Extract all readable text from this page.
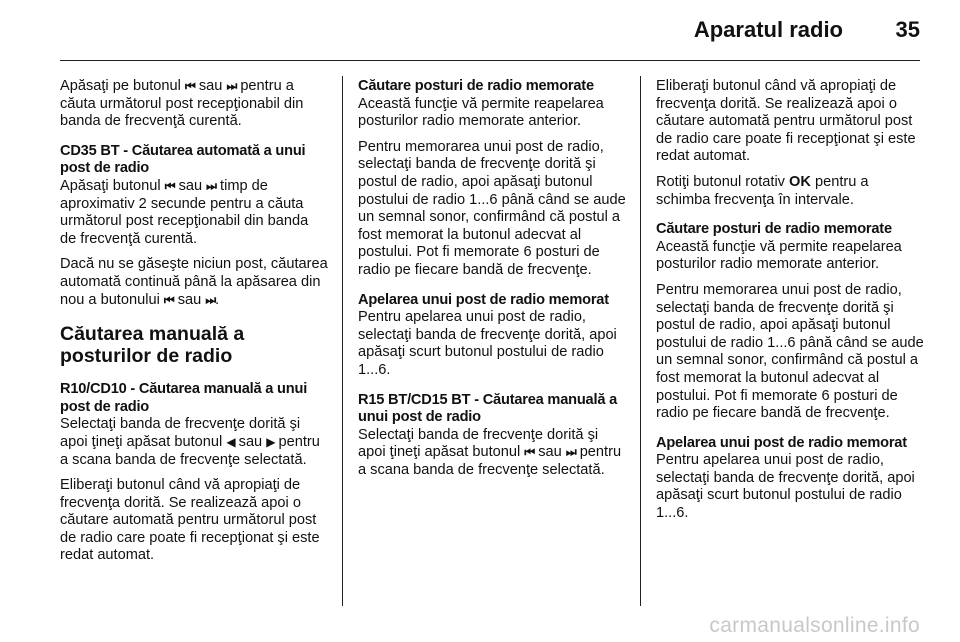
Aparatul radio 35

Apăsaţi pe butonul ⏮ sau ⏭ pentru a căuta următorul post recepţionabil din banda de frecvenţă curentă.

CD35 BT - Căutarea automată a unui post de radio

Apăsaţi butonul ⏮ sau ⏭ timp de aproximativ 2 secunde pentru a căuta următorul post recepţionabil din banda de frecvenţă curentă.

Dacă nu se găseşte niciun post, căutarea automată continuă până la apăsarea din nou a butonului ⏮ sau ⏭.

Căutarea manuală a posturilor de radio

R10/CD10 - Căutarea manuală a unui post de radio

Selectaţi banda de frecvenţe dorită şi apoi ţineţi apăsat butonul ◀ sau ▶ pentru a scana banda de frecvenţe selectată.

Eliberaţi butonul când vă apropiaţi de frecvenţa dorită. Se realizează apoi o căutare automată pentru următorul post de radio care poate fi recepţionat şi este redat automat.

Căutare posturi de radio memorate

Această funcţie vă permite reapelarea posturilor radio memorate anterior.

Pentru memorarea unui post de radio, selectaţi banda de frecvenţe dorită şi postul de radio, apoi apăsaţi butonul postului de radio 1...6 până când se aude un semnal sonor, confirmând că postul a fost memorat la butonul adecvat al postului. Pot fi memorate 6 posturi de radio pe fiecare bandă de frecvenţe.

Apelarea unui post de radio memorat

Pentru apelarea unui post de radio, selectaţi banda de frecvenţe dorită, apoi apăsaţi scurt butonul postului de radio 1...6.

R15 BT/CD15 BT - Căutarea manuală a unui post de radio

Selectaţi banda de frecvenţe dorită şi apoi ţineţi apăsat butonul ⏮ sau ⏭ pentru a scana banda de frecvenţe selectată.

Eliberaţi butonul când vă apropiaţi de frecvenţa dorită. Se realizează apoi o căutare automată pentru următorul post de radio care poate fi recepţionat şi este redat automat.

Rotiţi butonul rotativ OK pentru a schimba frecvenţa în intervale.

Căutare posturi de radio memorate

Această funcţie vă permite reapelarea posturilor radio memorate anterior.

Pentru memorarea unui post de radio, selectaţi banda de frecvenţe dorită şi postul de radio, apoi apăsaţi butonul postului de radio 1...6 până când se aude un semnal sonor, confirmând că postul a fost memorat la butonul adecvat al postului. Pot fi memorate 6 posturi de radio pe fiecare bandă de frecvenţe.

Apelarea unui post de radio memorat

Pentru apelarea unui post de radio, selectaţi banda de frecvenţe dorită, apoi apăsaţi scurt butonul postului de radio 1...6.

carmanualsonline.info
